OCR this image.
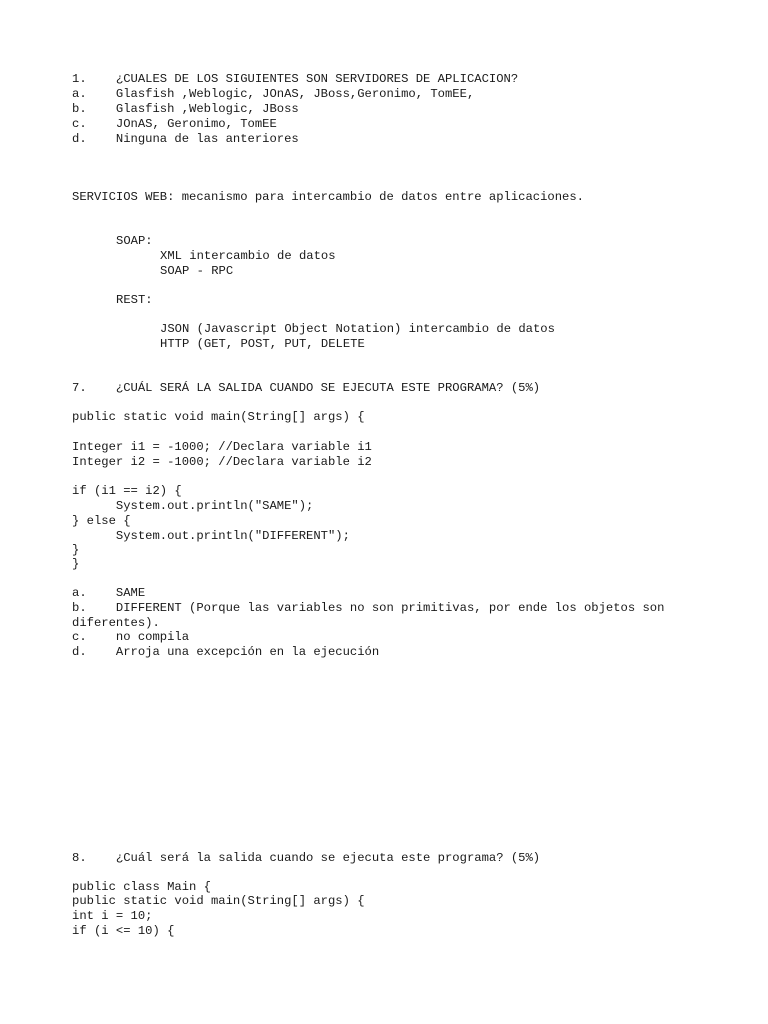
1.    ¿CUALES DE LOS SIGUIENTES SON SERVIDORES DE APLICACION?
a.    Glasfish ,Weblogic, JOnAS, JBoss,Geronimo, TomEE,
b.    Glasfish ,Weblogic, JBoss
c.    JOnAS, Geronimo, TomEE
d.    Ninguna de las anteriores
SERVICIOS WEB: mecanismo para intercambio de datos entre aplicaciones.
SOAP:
XML intercambio de datos
SOAP - RPC
REST:
JSON (Javascript Object Notation) intercambio de datos
HTTP (GET, POST, PUT, DELETE
7.    ¿CUÁL SERÁ LA SALIDA CUANDO SE EJECUTA ESTE PROGRAMA? (5%)
public static void main(String[] args) {
Integer i1 = -1000; //Declara variable i1
Integer i2 = -1000; //Declara variable i2
if (i1 == i2) {
System.out.println("SAME");
} else {
System.out.println("DIFFERENT");
}
}
a.    SAME
b.    DIFFERENT (Porque las variables no son primitivas, por ende los objetos son
diferentes).
c.    no compila
d.    Arroja una excepción en la ejecución
8.    ¿Cuál será la salida cuando se ejecuta este programa? (5%)
public class Main {
public static void main(String[] args) {
int i = 10;
if (i <= 10) {
